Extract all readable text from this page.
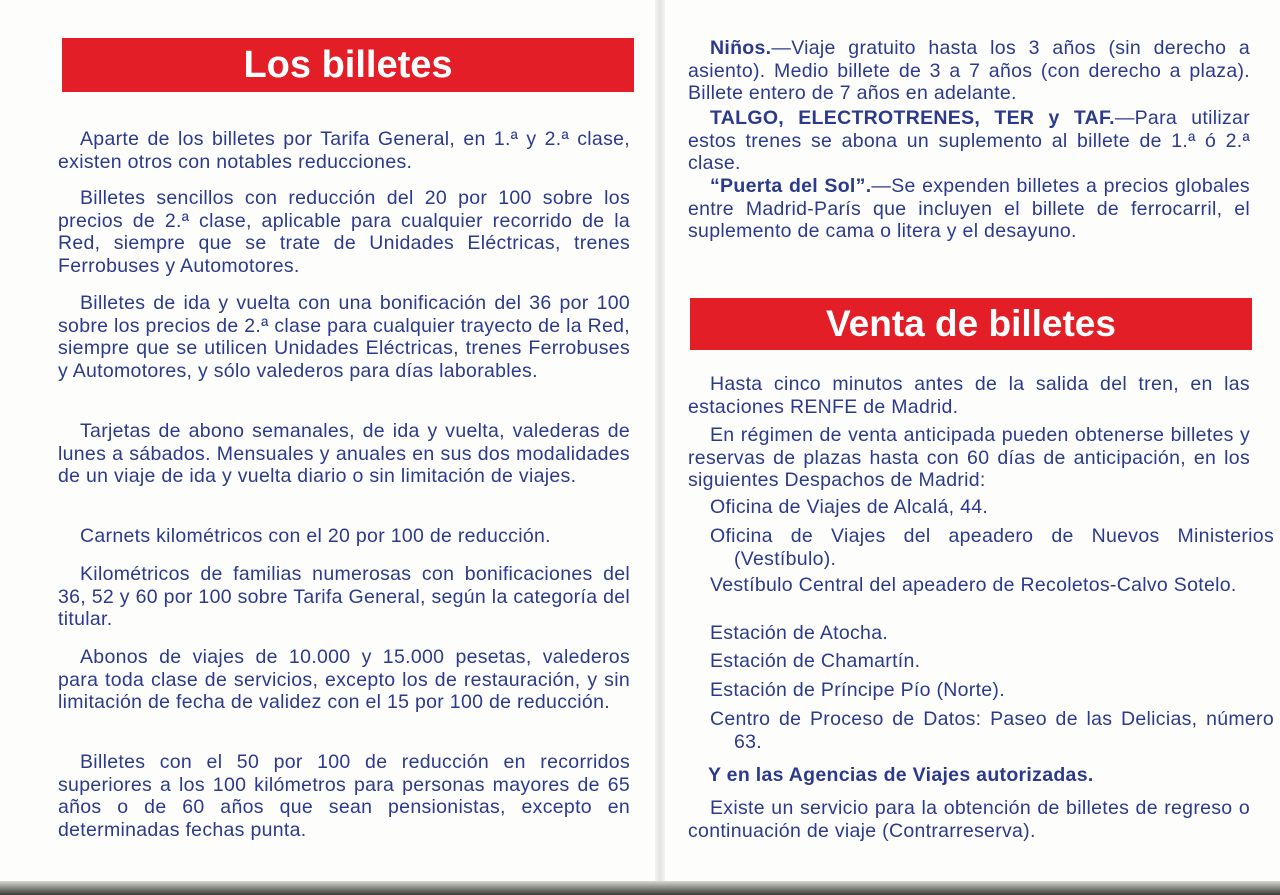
Los billetes

Aparte de los billetes por Tarifa General, en 1.ª y 2.ª clase, existen otros con notables reducciones.

Billetes sencillos con reducción del 20 por 100 sobre los precios de 2.ª clase, aplicable para cualquier recorrido de la Red, siempre que se trate de Unidades Eléctricas, trenes Ferrobuses y Automotores.

Billetes de ida y vuelta con una bonificación del 36 por 100 sobre los precios de 2.ª clase para cualquier trayecto de la Red, siempre que se utilicen Unidades Eléctricas, trenes Ferrobuses y Automotores, y sólo valederos para días laborables.

Tarjetas de abono semanales, de ida y vuelta, valederas de lunes a sábados. Mensuales y anuales en sus dos modalidades de un viaje de ida y vuelta diario o sin limitación de viajes.

Carnets kilométricos con el 20 por 100 de reducción.

Kilométricos de familias numerosas con bonificaciones del 36, 52 y 60 por 100 sobre Tarifa General, según la categoría del titular.

Abonos de viajes de 10.000 y 15.000 pesetas, valederos para toda clase de servicios, excepto los de restauración, y sin limitación de fecha de validez con el 15 por 100 de reducción.

Billetes con el 50 por 100 de reducción en recorridos superiores a los 100 kilómetros para personas mayores de 65 años o de 60 años que sean pensionistas, excepto en determinadas fechas punta.

Niños.—Viaje gratuito hasta los 3 años (sin derecho a asiento). Medio billete de 3 a 7 años (con derecho a plaza). Billete entero de 7 años en adelante.

TALGO, ELECTROTRENES, TER y TAF.—Para utilizar estos trenes se abona un suplemento al billete de 1.ª ó 2.ª clase.

“Puerta del Sol”.—Se expenden billetes a precios globales entre Madrid-París que incluyen el billete de ferrocarril, el suplemento de cama o litera y el desayuno.

Venta de billetes

Hasta cinco minutos antes de la salida del tren, en las estaciones RENFE de Madrid.

En régimen de venta anticipada pueden obtenerse billetes y reservas de plazas hasta con 60 días de anticipación, en los siguientes Despachos de Madrid:

Oficina de Viajes de Alcalá, 44.

Oficina de Viajes del apeadero de Nuevos Ministerios (Vestíbulo).

Vestíbulo Central del apeadero de Recoletos-Calvo Sotelo.

Estación de Atocha.

Estación de Chamartín.

Estación de Príncipe Pío (Norte).

Centro de Proceso de Datos: Paseo de las Delicias, número 63.

Y en las Agencias de Viajes autorizadas.

Existe un servicio para la obtención de billetes de regreso o continuación de viaje (Contrarreserva).
